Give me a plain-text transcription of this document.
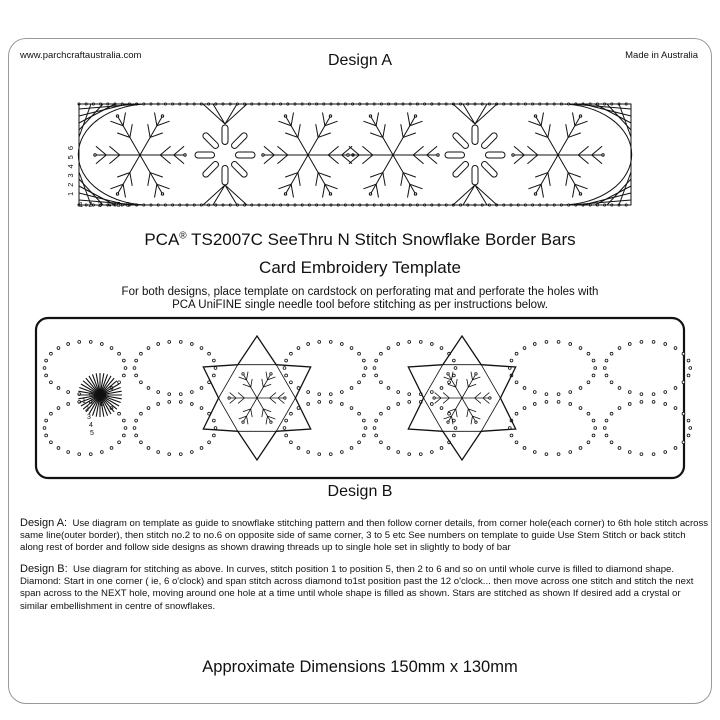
www.parchcraftaustralia.com	Made in Australia
Design A
1 2 3 4 5 6
1
2
3
4
5
6
1
2
3
4
5
PCA® TS2007C SeeThru N Stitch Snowflake Border Bars
Card Embroidery Template
For both designs, place template on cardstock on perforating mat and perforate the holes with
PCA UniFINE single needle tool before stitching as per instructions below.
Design B
Design A: Use diagram on template as guide to snowflake stitching pattern and then follow corner details, from corner hole(each corner) to 6th hole stitch across same line(outer border), then stitch no.2 to no.6 on opposite side of same corner, 3 to 5 etc See numbers on template to guide Use Stem Stitch or back stitch along rest of border and follow side designs as shown drawing threads up to single hole set in slightly to body of bar
Design B: Use diagram for stitching as above. In curves, stitch position 1 to position 5, then 2 to 6 and so on until whole curve is filled to diamond shape. Diamond: Start in one corner ( ie, 6 o'clock) and span stitch across diamond to1st position past the 12 o'clock... then move across one stitch and stitch the next span across to the NEXT hole, moving around one hole at a time until whole shape is filled as shown. Stars are stitched as shown If desired add a crystal or similar embellishment in centre of snowflakes.
Approximate Dimensions 150mm x 130mm
